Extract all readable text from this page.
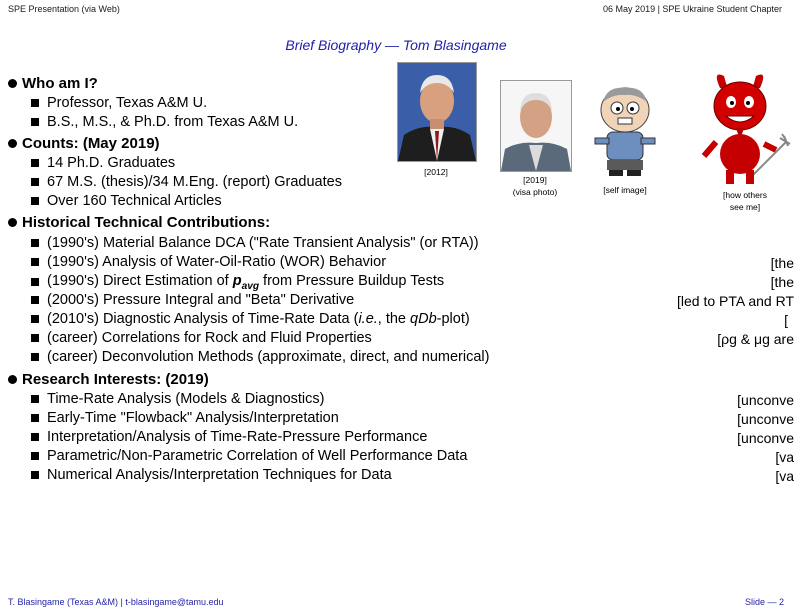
SPE Presentation (via Web)	06 May 2019 | SPE Ukraine Student Chapter
Brief Biography — Tom Blasingame
Who am I?
Professor, Texas A&M U.
B.S., M.S., & Ph.D. from Texas A&M U.
Counts: (May 2019)
14 Ph.D. Graduates
67 M.S. (thesis)/34 M.Eng. (report) Graduates
Over 160 Technical Articles
Historical Technical Contributions:
(1990's) Material Balance DCA ("Rate Transient Analysis" (or RTA))
(1990's) Analysis of Water-Oil-Ratio (WOR) Behavior
(1990's) Direct Estimation of $p_{avg}$ from Pressure Buildup Tests
(2000's) Pressure Integral and "Beta" Derivative
(2010's) Diagnostic Analysis of Time-Rate Data (i.e., the qDb-plot)
(career) Correlations for Rock and Fluid Properties
(career) Deconvolution Methods (approximate, direct, and numerical)
[the
[the
[led to PTA and RT
[
[ρg & μg are
Research Interests: (2019)
Time-Rate Analysis (Models & Diagnostics)
Early-Time "Flowback" Analysis/Interpretation
Interpretation/Analysis of Time-Rate-Pressure Performance
Parametric/Non-Parametric Correlation of Well Performance Data
Numerical Analysis/Interpretation Techniques for Data
[unconve
[unconve
[unconve
[va
[va
[2012]
[2019]
(visa photo)	[self image]	[how others
see me]
T. Blasingame (Texas A&M) | t-blasingame@tamu.edu	Slide — 2
